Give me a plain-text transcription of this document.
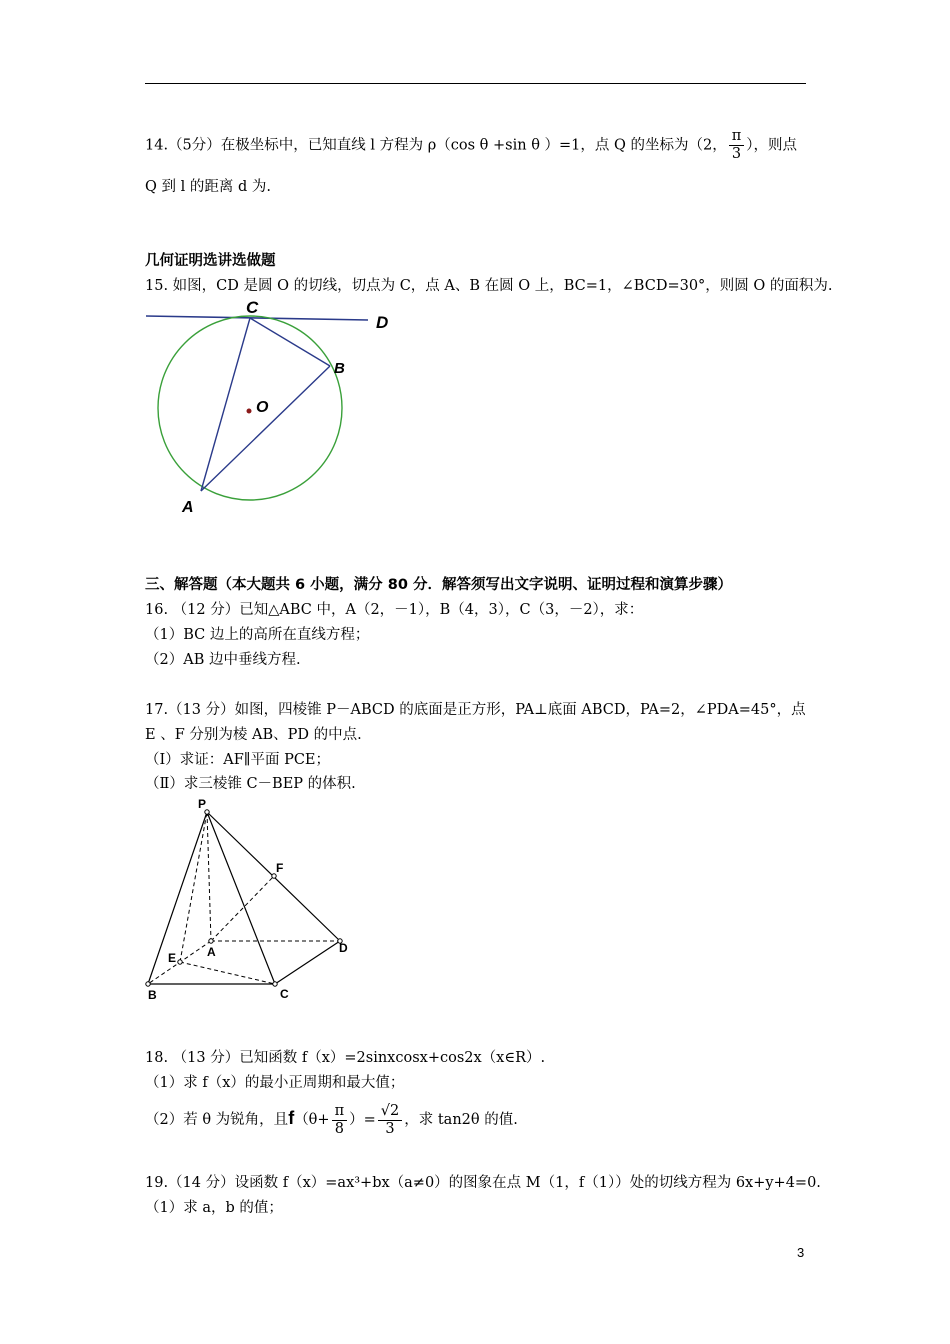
14.（5分）在极坐标中，已知直线 l 方程为 ρ（cos θ +sin θ ）=1，点 Q 的坐标为（2， $\frac{\pi}{3}$ ），则点
Q 到 l 的距离 d 为.
几何证明选讲选做题
15. 如图，CD 是圆 O 的切线，切点为 C，点 A、B 在圆 O 上，BC=1，∠BCD=30°，则圆 O 的面积为.
C
D
B
O
A
三、解答题（本大题共 6 小题，满分 80 分．解答须写出文字说明、证明过程和演算步骤）
16. （12 分）已知△ABC 中，A（2，－1），B（4，3），C（3，－2），求：
（1）BC 边上的高所在直线方程；
（2）AB 边中垂线方程.
17.（13 分）如图，四棱锥 P－ABCD 的底面是正方形，PA⊥底面 ABCD，PA=2，∠PDA=45°，点
E 、F 分别为棱 AB、PD 的中点.
（Ⅰ）求证：AF∥平面 PCE；
（Ⅱ）求三棱锥 C－BEP 的体积.
P
F
A	D
E
B	C
18. （13 分）已知函数 f（x）=2sinxcosx+cos2x（x∈R）.
（1）求 f（x）的最小正周期和最大值；
（2）若 θ 为锐角，且$f(\theta+ \frac{\pi}{8}$ ）= $\frac{√2}{3}$ ，求 tan2θ 的值.
19.（14 分）设函数 f（x）=ax³+bx（a≠0）的图象在点 M（1，f（1））处的切线方程为 6x+y+4=0.
（1）求 a，b 的值；
3
